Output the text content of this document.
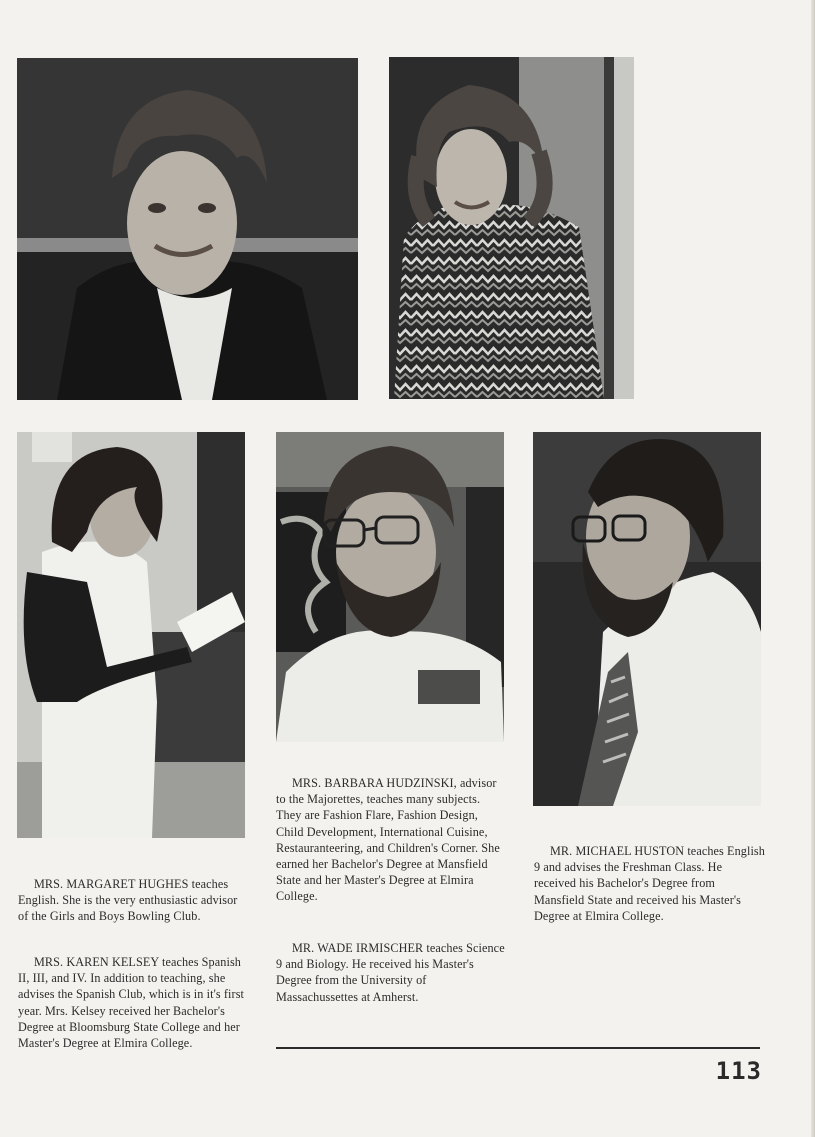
MRS. MARGARET HUGHES teaches English. She is the very enthusiastic advisor of the Girls and Boys Bowling Club.

MRS. KAREN KELSEY teaches Spanish II, III, and IV. In addition to teaching, she advises the Spanish Club, which is in it's first year. Mrs. Kelsey received her Bachelor's Degree at Bloomsburg State College and her Master's Degree at Elmira College.

MRS. BARBARA HUDZINSKI, advisor to the Majorettes, teaches many subjects. They are Fashion Flare, Fashion Design, Child Development, International Cuisine, Restauranteering, and Children's Corner. She earned her Bachelor's Degree at Mansfield State and her Master's Degree at Elmira College.

MR. WADE IRMISCHER teaches Science 9 and Biology. He received his Master's Degree from the University of Massachussettes at Amherst.

MR. MICHAEL HUSTON teaches English 9 and advises the Freshman Class. He received his Bachelor's Degree from Mansfield State and received his Master's Degree at Elmira College.

113
